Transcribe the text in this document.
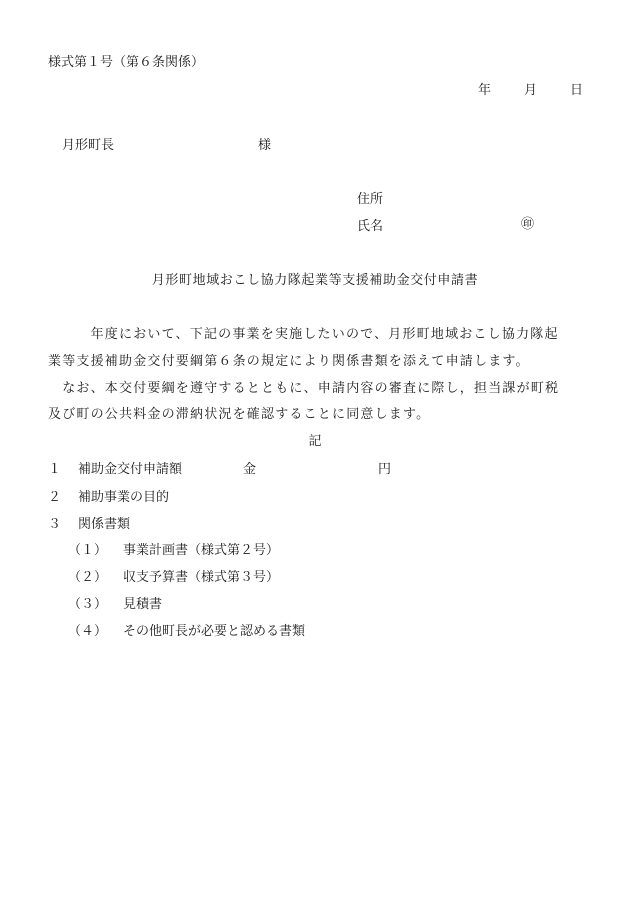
様式第１号（第６条関係）
年	月	日
月形町長	様
住所
氏名	㊞
月形町地域おこし協力隊起業等支援補助金交付申請書
　　　年度において、下記の事業を実施したいので、月形町地域おこし協力隊起
業等支援補助金交付要綱第６条の規定により関係書類を添えて申請します。
　なお、本交付要綱を遵守するとともに、申請内容の審査に際し，担当課が町税
及び町の公共料金の滞納状況を確認することに同意します。
記
１ 補助金交付申請額	金	円
２ 補助事業の目的
３ 関係書類
（１） 事業計画書（様式第２号）
（２） 収支予算書（様式第３号）
（３） 見積書
（４） その他町長が必要と認める書類
